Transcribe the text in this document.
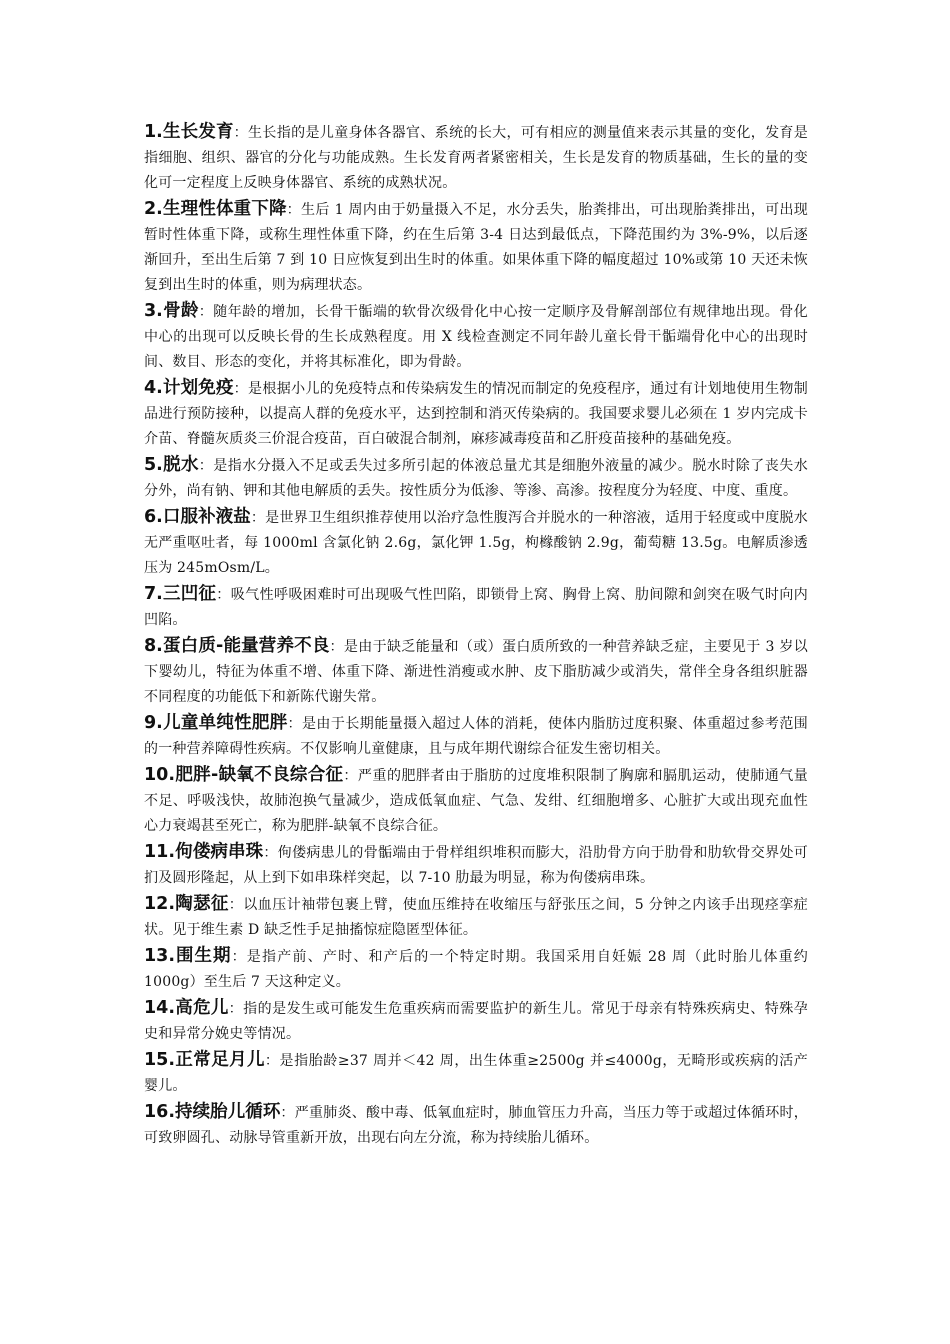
1.生长发育：生长指的是儿童身体各器官、系统的长大，可有相应的测量值来表示其量的变化，发育是指细胞、组织、器官的分化与功能成熟。生长发育两者紧密相关，生长是发育的物质基础，生长的量的变化可一定程度上反映身体器官、系统的成熟状况。

2.生理性体重下降：生后 1 周内由于奶量摄入不足，水分丢失，胎粪排出，可出现胎粪排出，可出现暂时性体重下降，或称生理性体重下降，约在生后第 3-4 日达到最低点，下降范围约为 3%-9%，以后逐渐回升，至出生后第 7 到 10 日应恢复到出生时的体重。如果体重下降的幅度超过 10%或第 10 天还未恢复到出生时的体重，则为病理状态。

3.骨龄：随年龄的增加，长骨干骺端的软骨次级骨化中心按一定顺序及骨解剖部位有规律地出现。骨化中心的出现可以反映长骨的生长成熟程度。用 X 线检查测定不同年龄儿童长骨干骺端骨化中心的出现时间、数目、形态的变化，并将其标准化，即为骨龄。

4.计划免疫：是根据小儿的免疫特点和传染病发生的情况而制定的免疫程序，通过有计划地使用生物制品进行预防接种，以提高人群的免疫水平，达到控制和消灭传染病的。我国要求婴儿必须在 1 岁内完成卡介苗、脊髓灰质炎三价混合疫苗，百白破混合制剂，麻疹减毒疫苗和乙肝疫苗接种的基础免疫。

5.脱水：是指水分摄入不足或丢失过多所引起的体液总量尤其是细胞外液量的减少。脱水时除了丧失水分外，尚有钠、钾和其他电解质的丢失。按性质分为低渗、等渗、高渗。按程度分为轻度、中度、重度。

6.口服补液盐：是世界卫生组织推荐使用以治疗急性腹泻合并脱水的一种溶液，适用于轻度或中度脱水无严重呕吐者，每 1000ml 含氯化钠 2.6g，氯化钾 1.5g，枸橼酸钠 2.9g，葡萄糖 13.5g。电解质渗透压为 245mOsm/L。

7.三凹征：吸气性呼吸困难时可出现吸气性凹陷，即锁骨上窝、胸骨上窝、肋间隙和剑突在吸气时向内凹陷。

8.蛋白质-能量营养不良：是由于缺乏能量和（或）蛋白质所致的一种营养缺乏症，主要见于 3 岁以下婴幼儿，特征为体重不增、体重下降、渐进性消瘦或水肿、皮下脂肪减少或消失，常伴全身各组织脏器不同程度的功能低下和新陈代谢失常。

9.儿童单纯性肥胖：是由于长期能量摄入超过人体的消耗，使体内脂肪过度积聚、体重超过参考范围的一种营养障碍性疾病。不仅影响儿童健康，且与成年期代谢综合征发生密切相关。

10.肥胖-缺氧不良综合征：严重的肥胖者由于脂肪的过度堆积限制了胸廓和膈肌运动，使肺通气量不足、呼吸浅快，故肺泡换气量减少，造成低氧血症、气急、发绀、红细胞增多、心脏扩大或出现充血性心力衰竭甚至死亡，称为肥胖-缺氧不良综合征。

11.佝偻病串珠：佝偻病患儿的骨骺端由于骨样组织堆积而膨大，沿肋骨方向于肋骨和肋软骨交界处可扪及圆形隆起，从上到下如串珠样突起，以 7-10 肋最为明显，称为佝偻病串珠。

12.陶瑟征：以血压计袖带包裹上臂，使血压维持在收缩压与舒张压之间，5 分钟之内该手出现痉挛症状。见于维生素 D 缺乏性手足抽搐惊症隐匿型体征。

13.围生期：是指产前、产时、和产后的一个特定时期。我国采用自妊娠 28 周（此时胎儿体重约 1000g）至生后 7 天这种定义。

14.高危儿：指的是发生或可能发生危重疾病而需要监护的新生儿。常见于母亲有特殊疾病史、特殊孕史和异常分娩史等情况。

15.正常足月儿：是指胎龄≥37 周并＜42 周，出生体重≥2500g 并≤4000g，无畸形或疾病的活产婴儿。

16.持续胎儿循环：严重肺炎、酸中毒、低氧血症时，肺血管压力升高，当压力等于或超过体循环时，可致卵圆孔、动脉导管重新开放，出现右向左分流，称为持续胎儿循环。
